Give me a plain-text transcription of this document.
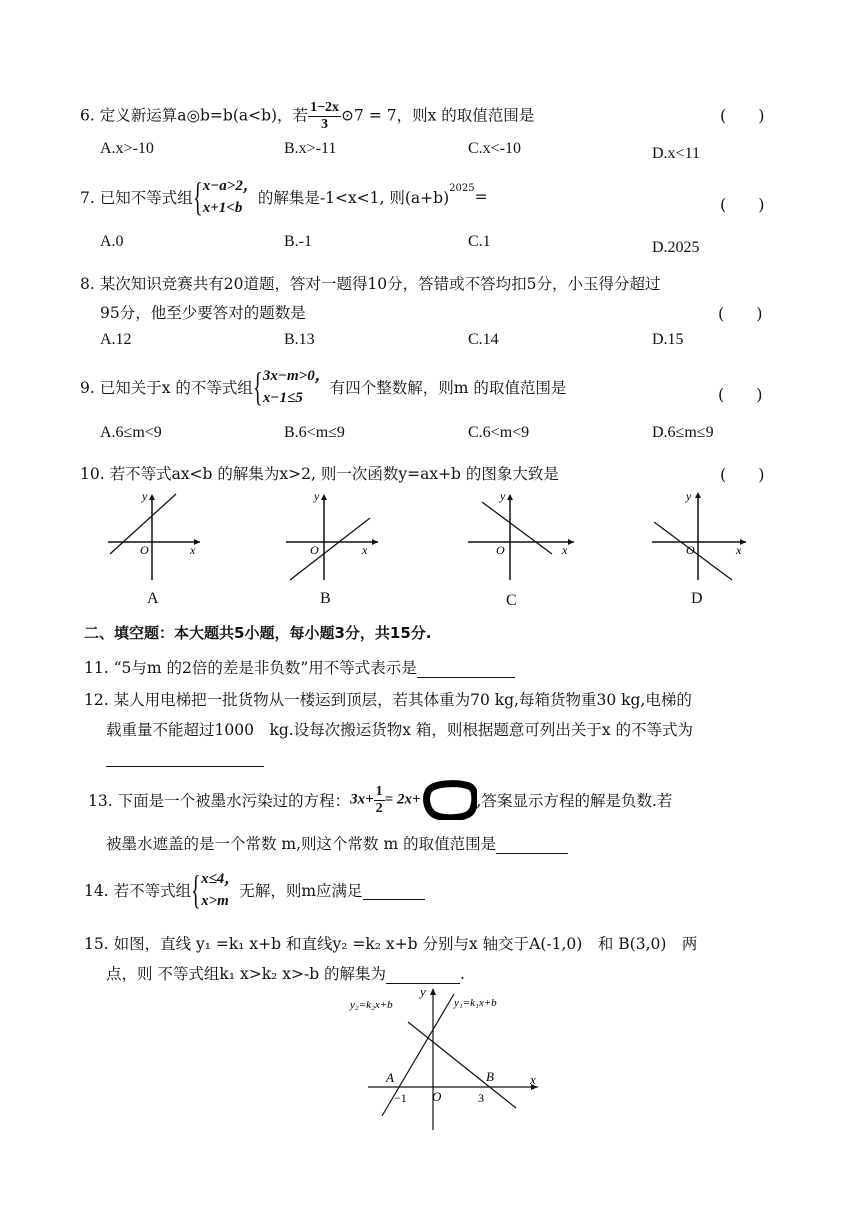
6. 定义新运算a◎b=b(a<b)，若 $\frac{1-2x}{3}$ ⊙7 = 7，则x 的取值范围是	(　　)
A.x>-10	B.x>-11	C.x<-10	D.x<11
7. 已知不等式组 { x−a>2，
x+1<b
的解集是-1<x<1, 则$(a+b)^{2025}=$	(　　)
A.0	B.-1	C.1	D.2025
8. 某次知识竞赛共有20道题，答对一题得10分，答错或不答均扣5分，小玉得分超过
95分，他至少要答对的题数是	(　　)
A.12	B.13	C.14	D.15
9. 已知关于x 的不等式组 { 3x−m>0，
x−1≤5
有四个整数解，则m 的取值范围是	(　　)
A.6≤m<9	B.6<m≤9	C.6<m<9	D.6≤m≤9
10. 若不等式ax<b 的解集为x>2, 则一次函数y=ax+b 的图象大致是	(　　)
O	x
y
A
O	x
y
B
O	x
y
C
O	x
y
D
二、填空题：本大题共5小题，每小题3分，共15分.
11. “5与m 的2倍的差是非负数”用不等式表示是
12. 某人用电梯把一批货物从一楼运到顶层，若其体重为70 kg,每箱货物重30 kg,电梯的
载重量不能超过1000　kg.设每次搬运货物x 箱，则根据题意可列出关于x 的不等式为
13. 下面是一个被墨水污染过的方程：$3x+ \frac{1}{2} = 2x+$	,答案显示方程的解是负数.若
被墨水遮盖的是一个常数 m,则这个常数 m 的取值范围是
14. 若不等式组 { x≤4，
x>m
无解，则m应满足
15. 如图，直线 y₁ =k₁ x+b 和直线y₂ =k₂ x+b 分别与x 轴交于A(-1,0)　和 B(3,0)　两
点，则 不等式组k₁ x>k₂ x>-b 的解集为	.
y₁=k₁x+b
y₂=k₂x+b
A	B
O
x
y
−1	3
